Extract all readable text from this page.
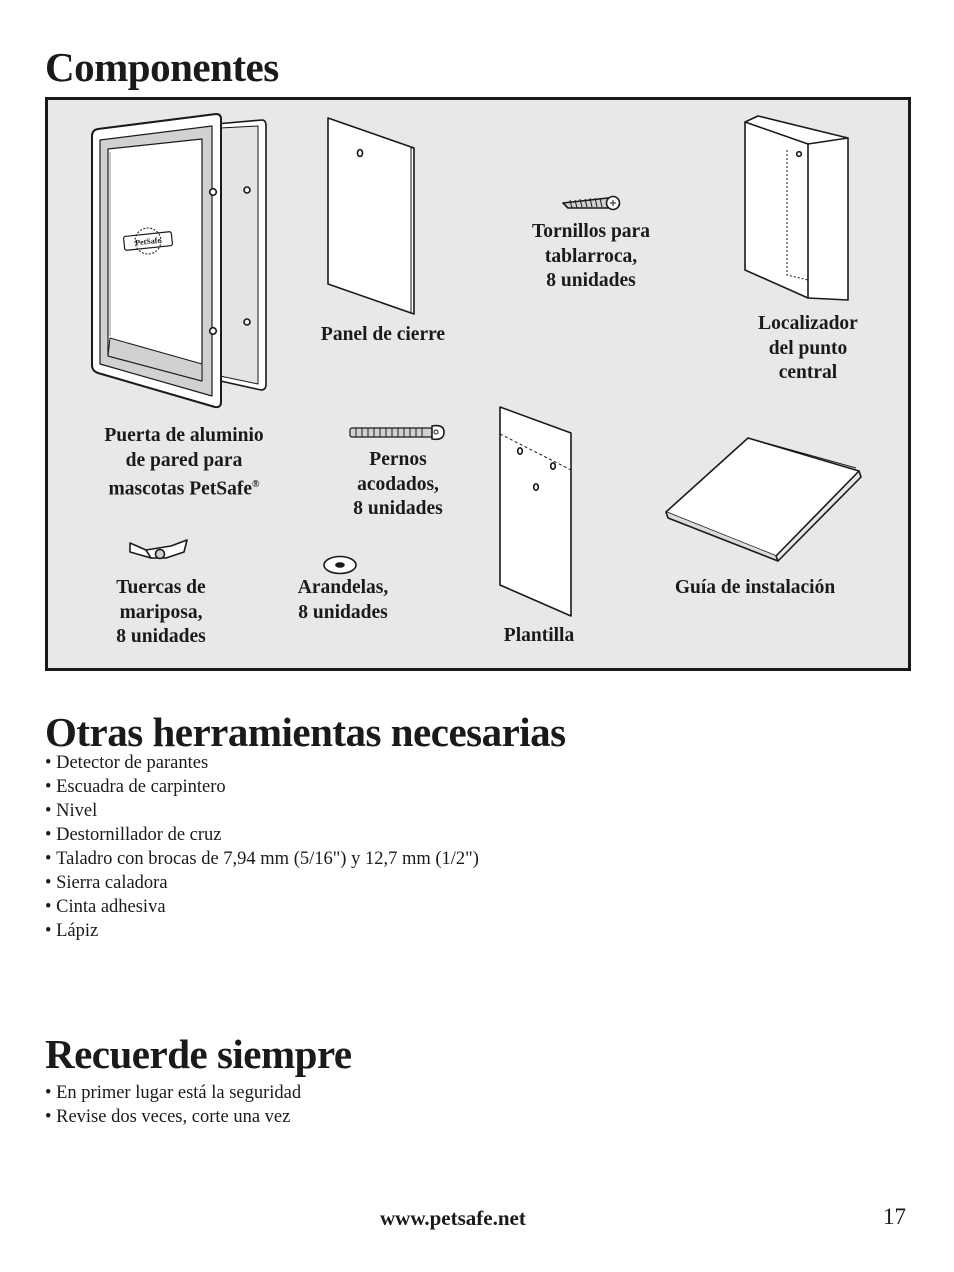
Componentes
PetSafe
Puerta de aluminio
de pared para
mascotas PetSafe®
Panel de cierre
Tornillos para
tablarroca,
8 unidades
Localizador
del punto
central
Pernos
acodados,
8 unidades
Tuercas de
mariposa,
8 unidades
Arandelas,
8 unidades
Plantilla
Guía de instalación
Otras herramientas necesarias
• Detector de parantes
• Escuadra de carpintero
• Nivel
• Destornillador de cruz
• Taladro con brocas de 7,94 mm (5/16") y 12,7 mm (1/2")
• Sierra caladora
• Cinta adhesiva
• Lápiz
Recuerde siempre
• En primer lugar está la seguridad
• Revise dos veces, corte una vez
www.petsafe.net	17
